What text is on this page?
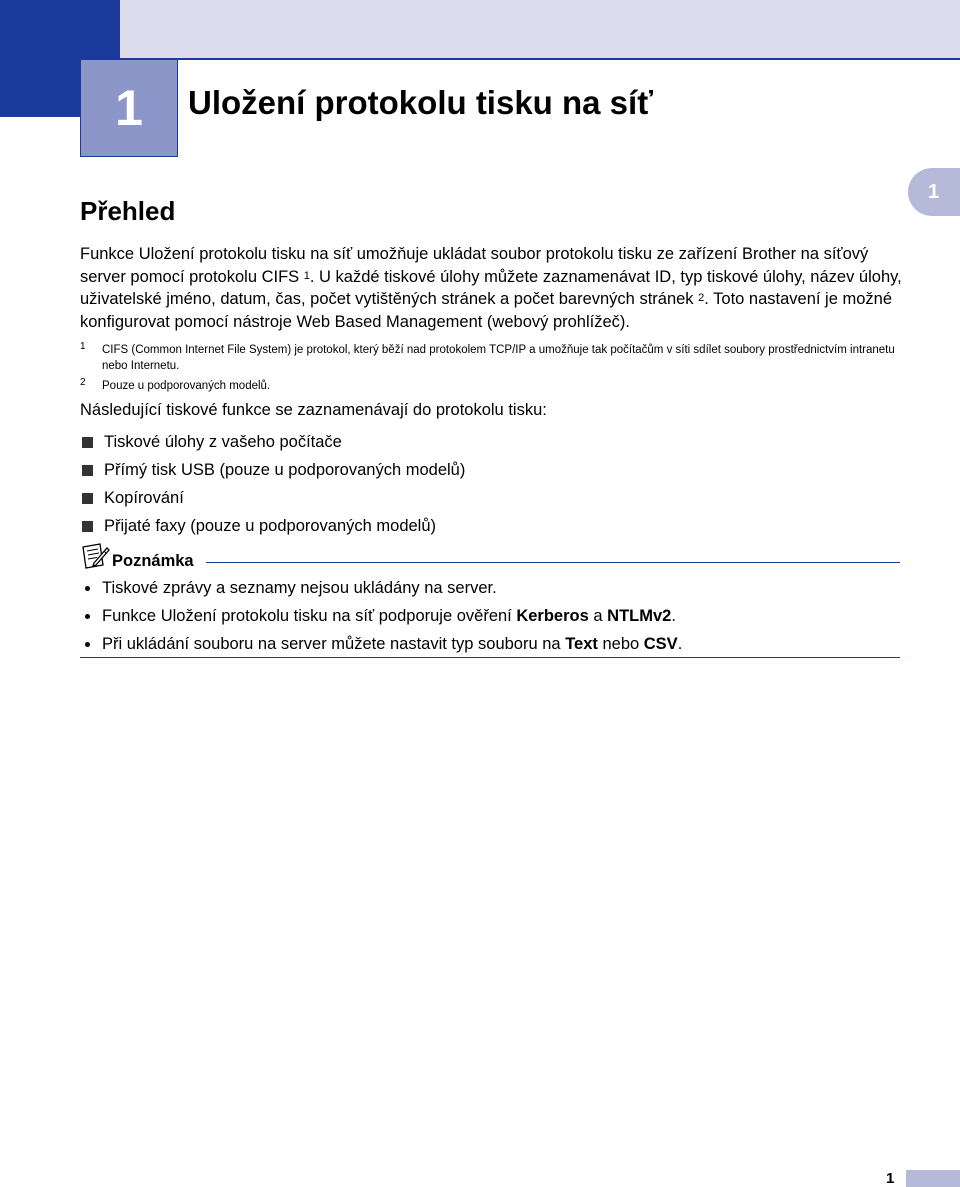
1	Uložení protokolu tisku na síť
1
Přehled

Funkce Uložení protokolu tisku na síť umožňuje ukládat soubor protokolu tisku ze zařízení Brother na síťový server pomocí protokolu CIFS $^1$. U každé tiskové úlohy můžete zaznamenávat ID, typ tiskové úlohy, název úlohy, uživatelské jméno, datum, čas, počet vytištěných stránek a počet barevných stránek $^2$. Toto nastavení je možné konfigurovat pomocí nástroje Web Based Management (webový prohlížeč).

1 CIFS (Common Internet File System) je protokol, který běží nad protokolem TCP/IP a umožňuje tak počítačům v síti sdílet soubory prostřednictvím intranetu nebo Internetu.
2 Pouze u podporovaných modelů.

Následující tiskové funkce se zaznamenávají do protokolu tisku:

Tiskové úlohy z vašeho počítače
Přímý tisk USB (pouze u podporovaných modelů)
Kopírování
Přijaté faxy (pouze u podporovaných modelů)
Poznámka
Tiskové zprávy a seznamy nejsou ukládány na server.
Funkce Uložení protokolu tisku na síť podporuje ověření Kerberos a NTLMv2.
Při ukládání souboru na server můžete nastavit typ souboru na Text nebo CSV.
1
